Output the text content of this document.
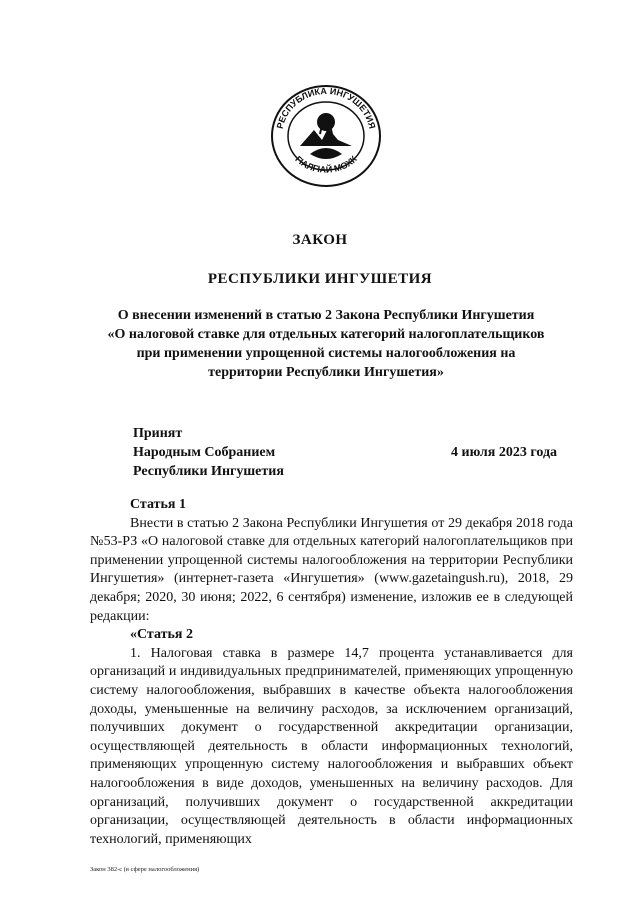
РЕСПУБЛИКА ИНГУШЕТИЯ
ГIАЛГIАЙ МОХК
ЗАКОН
РЕСПУБЛИКИ ИНГУШЕТИЯ
О внесении изменений в статью 2 Закона Республики Ингушетия
«О налоговой ставке для отдельных категорий налогоплательщиков
при применении упрощенной системы налогообложения на
территории Республики Ингушетия»
Принят
Народным Собранием
Республики Ингушетия
4 июля 2023 года
Статья 1

Внести в статью 2 Закона Республики Ингушетия от 29 декабря 2018 года №53-РЗ «О налоговой ставке для отдельных категорий налогоплательщиков при применении упрощенной системы налогообложения на территории Республики Ингушетия» (интернет-газета «Ингушетия» (www.gazetaingush.ru), 2018, 29 декабря; 2020, 30 июня; 2022, 6 сентября) изменение, изложив ее в следующей редакции:

«Статья 2

1. Налоговая ставка в размере 14,7 процента устанавливается для организаций и индивидуальных предпринимателей, применяющих упрощенную систему налогообложения, выбравших в качестве объекта налогообложения доходы, уменьшенные на величину расходов, за исключением организаций, получивших документ о государственной аккредитации организации, осуществляющей деятельность в области информационных технологий, применяющих упрощенную систему налогообложения и выбравших объект налогообложения в виде доходов, уменьшенных на величину расходов. Для организаций, получивших документ о государственной аккредитации организации, осуществляющей деятельность в области информационных технологий, применяющих

Закон 382-с (в сфере налогообложения)
